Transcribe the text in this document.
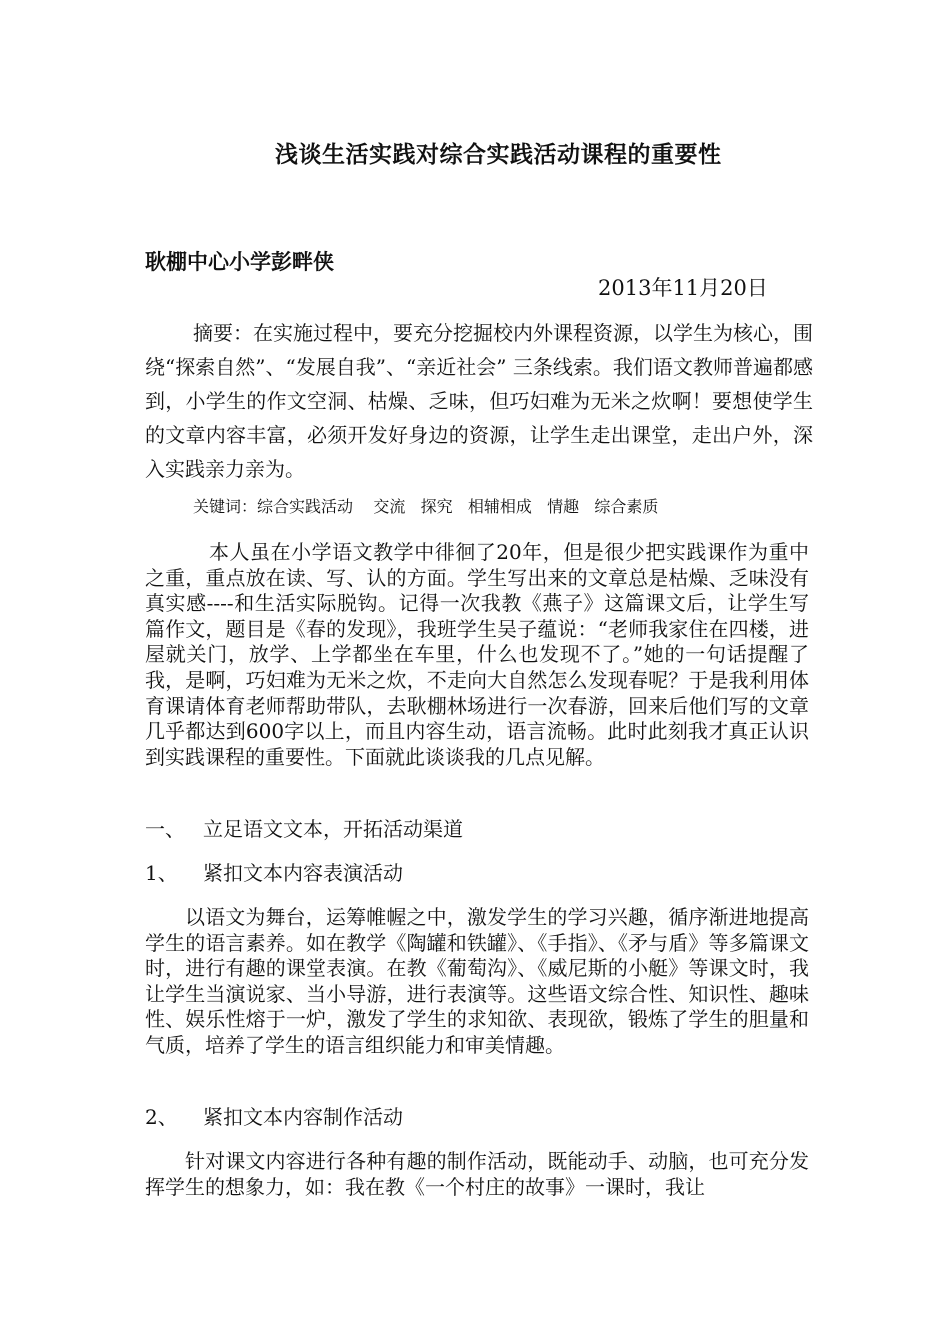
浅谈生活实践对综合实践活动课程的重要性
耿棚中心小学彭畔侠
2013年11月20日
摘要：在实施过程中，要充分挖掘校内外课程资源，以学生为核心，围绕“探索自然”、“发展自我”、“亲近社会” 三条线索。我们语文教师普遍都感到，小学生的作文空洞、枯燥、乏味，但巧妇难为无米之炊啊！要想使学生的文章内容丰富，必须开发好身边的资源，让学生走出课堂，走出户外，深入实践亲力亲为。
关键词：综合实践活动    交流   探究   相辅相成   情趣   综合素质
本人虽在小学语文教学中徘徊了20年，但是很少把实践课作为重中之重，重点放在读、写、认的方面。学生写出来的文章总是枯燥、乏味没有真实感----和生活实际脱钩。记得一次我教《燕子》这篇课文后，让学生写篇作文，题目是《春的发现》，我班学生吴子蕴说：“老师我家住在四楼，进屋就关门，放学、上学都坐在车里，什么也发现不了。”她的一句话提醒了我，是啊，巧妇难为无米之炊，不走向大自然怎么发现春呢？于是我利用体育课请体育老师帮助带队，去耿棚林场进行一次春游，回来后他们写的文章几乎都达到600字以上，而且内容生动，语言流畅。此时此刻我才真正认识到实践课程的重要性。下面就此谈谈我的几点见解。
一、 立足语文文本，开拓活动渠道
1、 紧扣文本内容表演活动
以语文为舞台，运筹帷幄之中，激发学生的学习兴趣，循序渐进地提高学生的语言素养。如在教学《陶罐和铁罐》、《手指》、《矛与盾》等多篇课文时，进行有趣的课堂表演。在教《葡萄沟》、《威尼斯的小艇》等课文时，我让学生当演说家、当小导游，进行表演等。这些语文综合性、知识性、趣味性、娱乐性熔于一炉，激发了学生的求知欲、表现欲，锻炼了学生的胆量和气质，培养了学生的语言组织能力和审美情趣。
2、 紧扣文本内容制作活动
针对课文内容进行各种有趣的制作活动，既能动手、动脑，也可充分发挥学生的想象力，如：我在教《一个村庄的故事》一课时，我让
